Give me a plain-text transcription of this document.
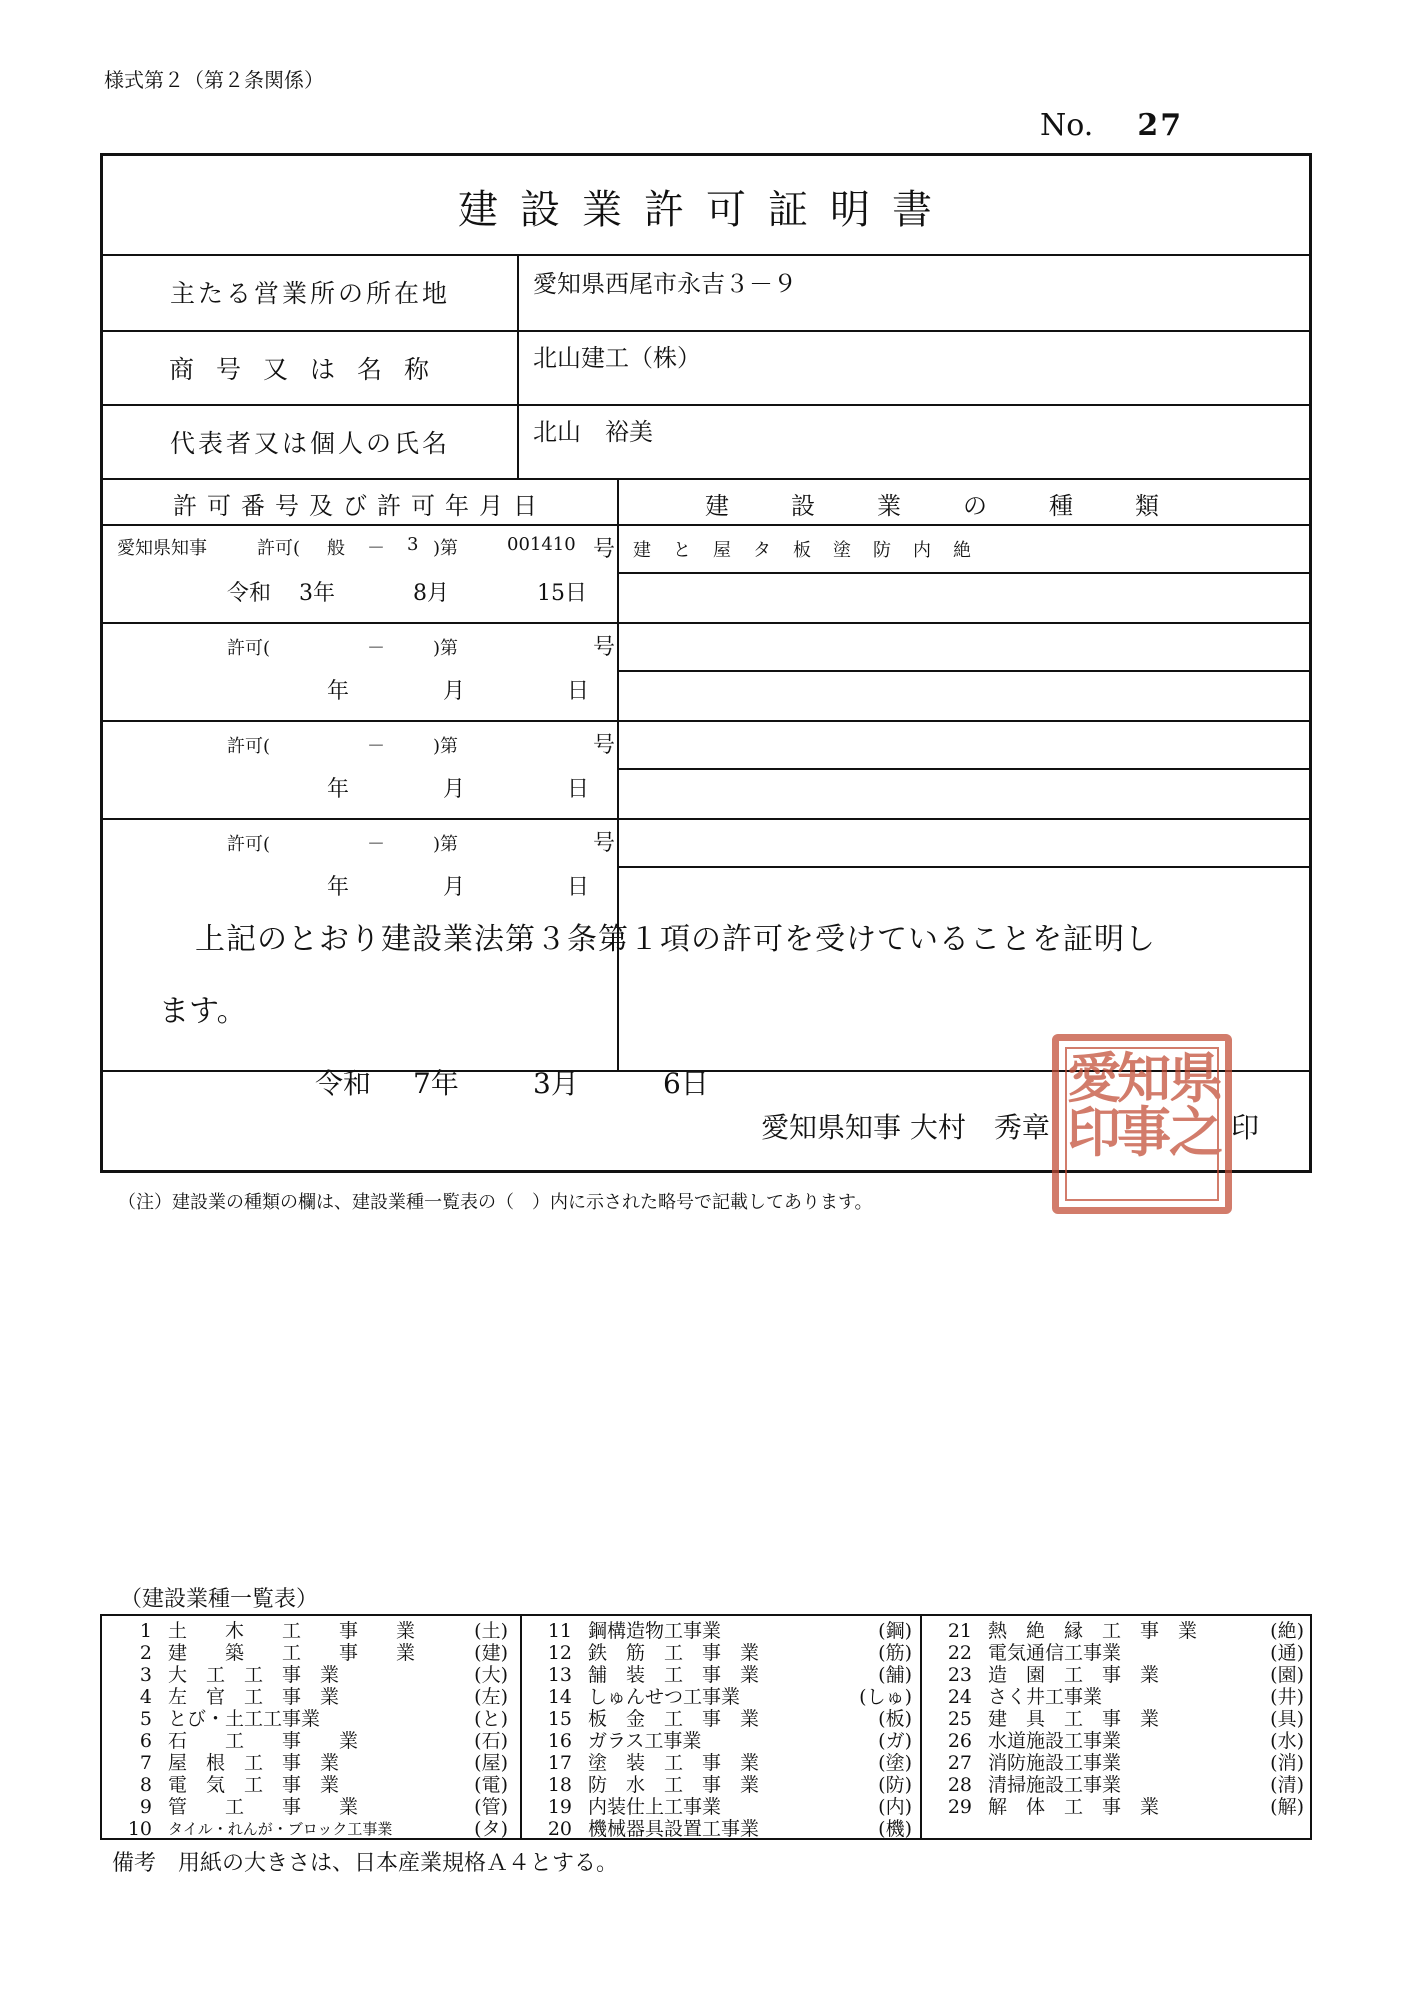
様式第２（第２条関係）
No. 27
建設業許可証明書
主たる営業所の所在地	愛知県西尾市永吉３－９
商号又は名称	北山建工（株）
代表者又は個人の氏名	北山　裕美
許可番号及び許可年月日	建設業の種類
愛知県知事	許可( 般 － 3 )第	001410 号
令和 3年	8月	15日
建 と 屋 タ 板 塗 防 内 絶
許可(	－	)第	号
年	月	日
許可(	－	)第	号
年	月	日
許可(	－	)第	号
年	月	日
上記のとおり建設業法第３条第１項の許可を受けていることを証明し
ます。
令和 7年	3月	6日
愛知県知事 大村　秀章	印
県
知
事
之
愛
印
（注）建設業の種類の欄は、建設業種一覧表の（　）内に示された略号で記載してあります。
（建設業種一覧表）
1 土　　木　　工　　事　　業	(土)
2 建　　築　　工　　事　　業	(建)
3 大　工　工　事　業	(大)
4 左　官　工　事　業	(左)
5 とび・土工工事業	(と)
6 石　　工　　事　　業	(石)
7 屋　根　工　事　業	(屋)
8 電　気　工　事　業	(電)
9 管　　工　　事　　業	(管)
10 タイル・れんが・ブロック工事業	(タ)
11 鋼構造物工事業	(鋼)
12 鉄　筋　工　事　業	(筋)
13 舗　装　工　事　業	(舗)
14 しゅんせつ工事業	(しゅ)
15 板　金　工　事　業	(板)
16 ガラス工事業	(ガ)
17 塗　装　工　事　業	(塗)
18 防　水　工　事　業	(防)
19 内装仕上工事業	(内)
20 機械器具設置工事業	(機)
21 熱　絶　縁　工　事　業	(絶)
22 電気通信工事業	(通)
23 造　園　工　事　業	(園)
24 さく井工事業	(井)
25 建　具　工　事　業	(具)
26 水道施設工事業	(水)
27 消防施設工事業	(消)
28 清掃施設工事業	(清)
29 解　体　工　事　業	(解)
備考　用紙の大きさは、日本産業規格Ａ４とする。
